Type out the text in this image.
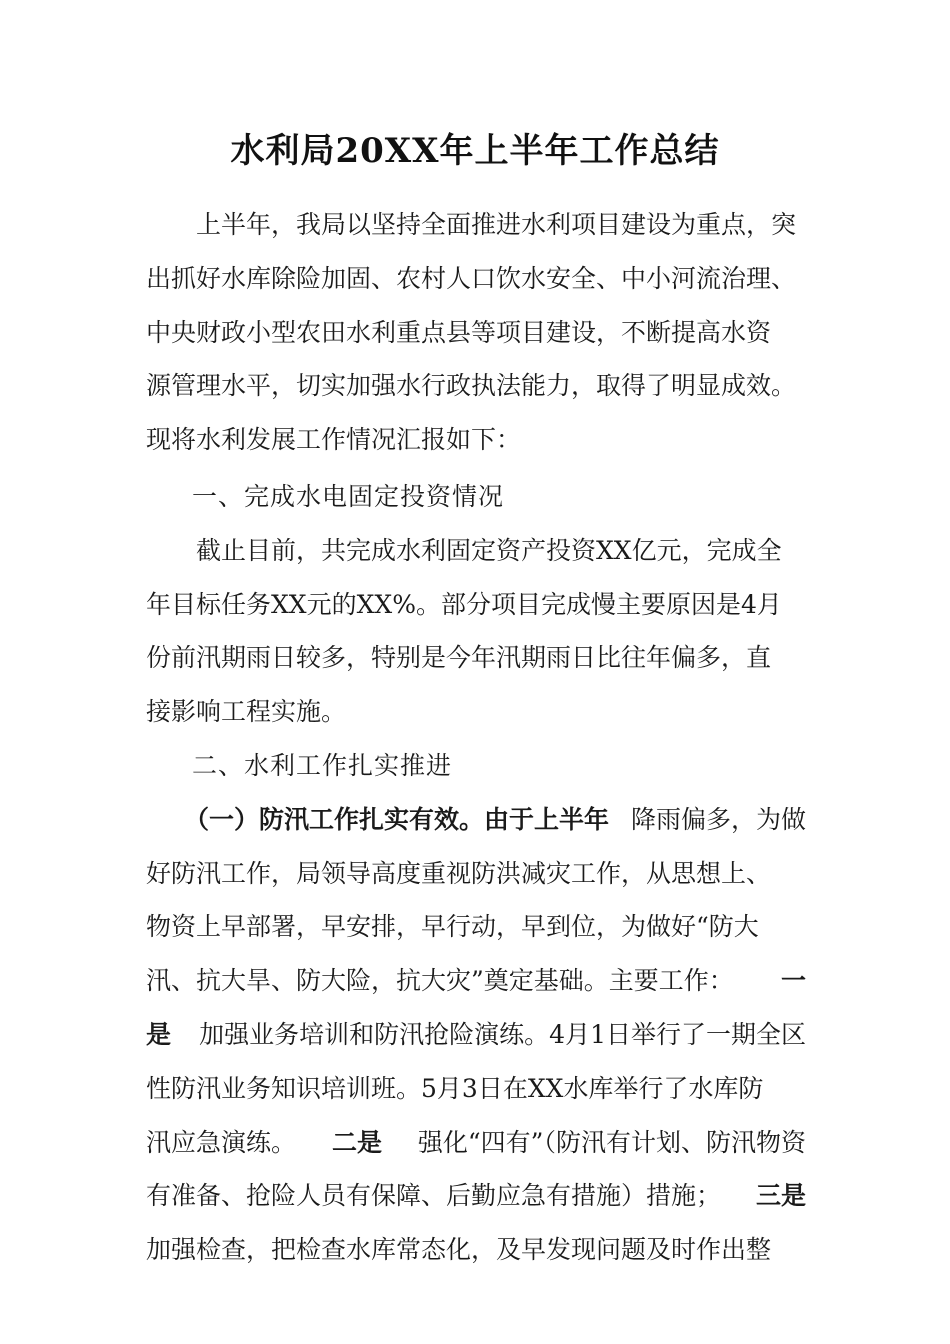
水利局20XX年上半年工作总结
上半年，我局以坚持全面推进水利项目建设为重点，突
出抓好水库除险加固、农村人口饮水安全、中小河流治理、
中央财政小型农田水利重点县等项目建设，不断提高水资
源管理水平，切实加强水行政执法能力，取得了明显成效。
现将水利发展工作情况汇报如下：
一、完成水电固定投资情况
截止目前，共完成水利固定资产投资XX亿元，完成全
年目标任务XX元的XX%。部分项目完成慢主要原因是4月
份前汛期雨日较多，特别是今年汛期雨日比往年偏多，直
接影响工程实施。
二、水利工作扎实推进
（一）防汛工作扎实有效。由于上半年 降雨偏多，为做
好防汛工作，局领导高度重视防洪减灾工作，从思想上、
物资上早部署，早安排，早行动，早到位，为做好“防大
汛、抗大旱、防大险，抗大灾”奠定基础。主要工作： 一
是 加强业务培训和防汛抢险演练。4月1日举行了一期全区
性防汛业务知识培训班。5月3日在XX水库举行了水库防
汛应急演练。 二是 强化“四有”（防汛有计划、防汛物资
有准备、抢险人员有保障、后勤应急有措施）措施； 三是
加强检查，把检查水库常态化，及早发现问题及时作出整
